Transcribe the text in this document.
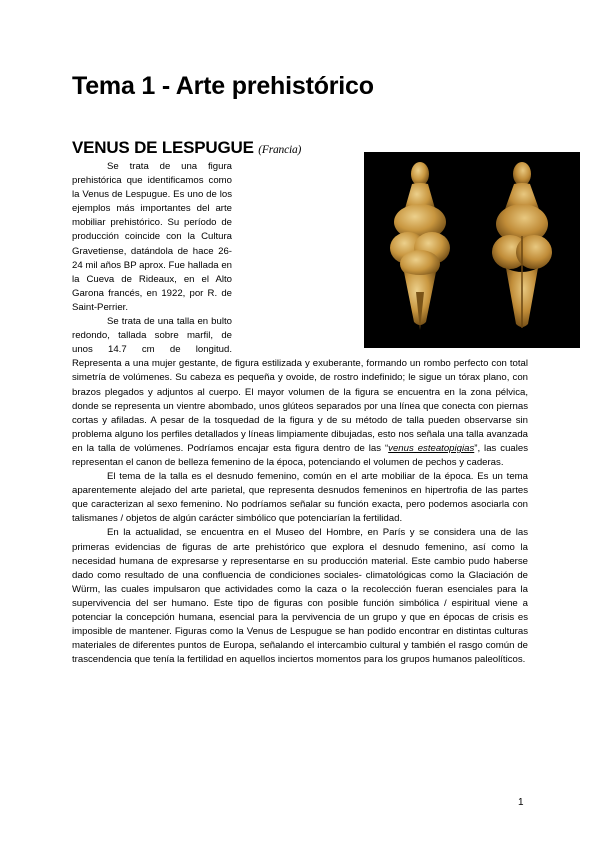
Tema 1 - Arte prehistórico
VENUS DE LESPUGUE (Francia)

Se trata de una figura prehistórica que identificamos como la Venus de Lespugue. Es uno de los ejemplos más importantes del arte mobiliar prehistórico. Su período de producción coincide con la Cultura Gravetiense, datándola de hace 26-24 mil años BP aprox. Fue hallada en la Cueva de Rideaux, en el Alto Garona francés, en 1922, por R. de Saint-Perrier.

Se trata de una talla en bulto redondo, tallada sobre marfil, de unos 14.7 cm de longitud. Representa a una mujer gestante, de figura estilizada y exuberante, formando un rombo perfecto con total simetría de volúmenes. Su cabeza es pequeña y ovoide, de rostro indefinido; le sigue un tórax plano, con brazos plegados y adjuntos al cuerpo. El mayor volumen de la figura se encuentra en la zona pélvica, donde se representa un vientre abombado, unos glúteos separados por una línea que conecta con piernas cortas y afiladas. A pesar de la tosquedad de la figura y de su método de talla pueden observarse sin problema alguno los perfiles detallados y líneas limpiamente dibujadas, esto nos señala una talla avanzada en la talla de volúmenes. Podríamos encajar esta figura dentro de las “venus esteatopigias”, las cuales representan el canon de belleza femenino de la época, potenciando el volumen de pechos y caderas.

El tema de la talla es el desnudo femenino, común en el arte mobiliar de la época. Es un tema aparentemente alejado del arte parietal, que representa desnudos femeninos en hipertrofia de las partes que caracterizan al sexo femenino. No podríamos señalar su función exacta, pero podemos asociarla con talismanes / objetos de algún carácter simbólico que potenciarían la fertilidad.

En la actualidad, se encuentra en el Museo del Hombre, en París y se considera una de las primeras evidencias de figuras de arte prehistórico que explora el desnudo femenino, así como la necesidad humana de expresarse y representarse en su producción material. Este cambio pudo haberse dado como resultado de una confluencia de condiciones sociales- climatológicas como la Glaciación de Würm, las cuales impulsaron que actividades como la caza o la recolección fueran esenciales para la supervivencia del ser humano. Este tipo de figuras con posible función simbólica / espiritual viene a potenciar la concepción humana, esencial para la pervivencia de un grupo y que en épocas de crisis es imposible de mantener. Figuras como la Venus de Lespugue se han podido encontrar en distintas culturas materiales de diferentes puntos de Europa, señalando el intercambio cultural y también el rasgo común de trascendencia que tenía la fertilidad en aquellos inciertos momentos para los grupos humanos paleolíticos.

1
